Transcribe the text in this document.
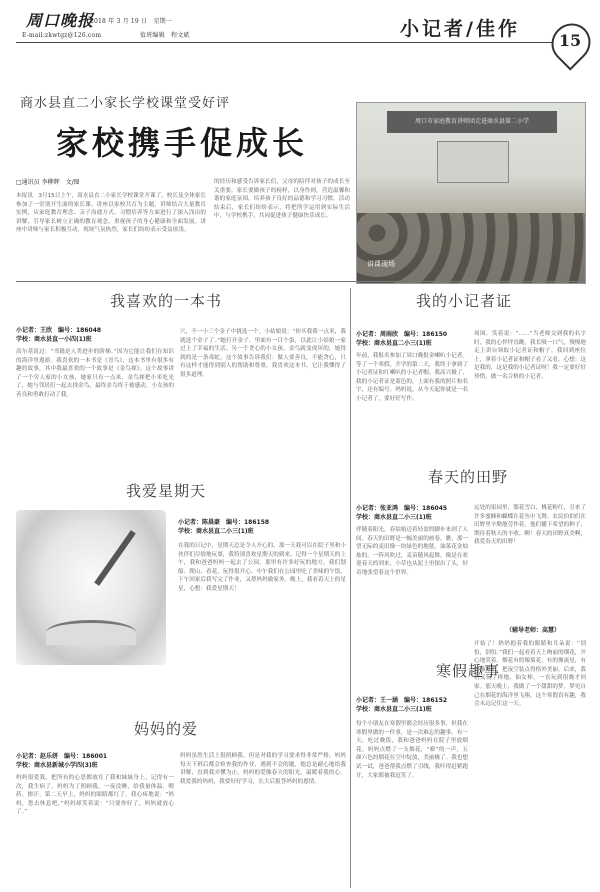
周口晚报
2018 年 3 月 19 日　星期一
E-mail:zkwtgz@126.com	值班编辑　程文斌	小记者/佳作
15
商水县直二小家长学校课堂受好评
家校携手促成长
□通讯员 李柳辉　文/图
本报讯　3月15日上午，商水县直二小家长学校课堂开课了，校长及全体家长参加了一堂别开生面的家长课。讲座以家校共育为主题，讲师结合大量教育实例，从家庭教育理念、亲子沟通方式、习惯培养等方面进行了深入浅出的讲解，引导家长树立正确的教育观念，重视孩子的身心健康和全面发展。讲座中讲师与家长积极互动，现场气氛热烈，家长们纷纷表示受益匪浅。
的经历和感受告诉家长们，父母的陪伴对孩子的成长至关重要。家长要做孩子的榜样，以身作则，营造温馨和谐的家庭氛围，培养孩子良好的品德和学习习惯。活动结束后，家长们纷纷表示，将把所学运用到实际生活中，与学校携手，共同促进孩子健康快乐成长。
周口市家庭教育讲师团走进商水县第二小学
讲课现场
我喜欢的一本书
小记者：王欣　编号：186048
学校：商水县直一小四(1)班
高尔基说过：“书籍是人类进步的阶梯。”因为它能让我们在知识的海洋里遨游。我喜欢的一本书是《青鸟》，这本书里有很多有趣的故事，其中我最喜欢的一个故事是《金鸟探》。这个故事讲了一个穷人家的小女孩，她家只有一点米，金鸟探把小米吃光了，她与邻居们一起去找金鸟，最终金鸟终于被感动，小女孩的善良和勇敢打动了我。
穴，不一小三个金子中挑选一个。小姑娘说：“你买我我一点米，我就选个金子了。”她打开金子，里面有一目个蛋，以此让小姑娘一家过上了幸福的生活。另一个贪心的小女孩，金鸟就变成坏的，她得到的是一条毒蛇。这个故事告诉我们：做人要善良，不能贪心，只有这样才能得到别人的帮助和尊重。我喜欢这本书，它让我懂得了很多道理。
我的小记者证
小记者：周雨欣　编号：186150
学校：商水县直二小三(1)班
年前，我报名参加了周口晚报金喇叭小记者。等了一个寒假，开学的第二天，我终于拿到了小记者证和红喇叭的小记者帽。我高兴极了，我的小记者证是蓝色的，上面有我的照片和名字，还有编号。妈妈说，从今天起你就是一名小记者了，要好好写作。
周围，笑着说：“……”当老师交到我的名字时，我的心怦怦直跳，我长吸一口气，慢慢地走上讲台领取小记者证和帽子。我回到座位上，拿着小记者证和帽子看了又看，心想：这是我的，这是我的小记者证呀！我一定要好好珍惜，做一名合格的小记者。
我爱星期天
小记者：陈晨豪　编号：186158
学校：商水县直二小三(1)班
在我的日记中，星期天总是令人开心的。那一天我可以在院子里和小伙伴们尽情地玩耍，我特别喜欢星期天的到来。记得一个星期天的上午，我和爸爸妈妈一起去了公园，那里有许多好玩的地方，我们划船、爬山、看花，玩得很开心。中午我们在公园里吃了美味的午饭，下午回家后我写完了作业，又帮妈妈做家务。晚上，我看着天上的星星，心想：我爱星期天！
春天的田野
小记者：张亚鸿　编号：186045
学校：商水县直二小三(1)班
伴随着阳光，春姑娘迈着轻盈的脚步来到了人间。春天的田野是一幅美丽的画卷。瞧，那一望无际的麦田像一块绿色的地毯，油菜花金灿灿的，一阵风吹过，麦苗随风起舞，像是在欢迎春天的到来。小草也从泥土里探出了头，好奇地张望着这个世界。
远处的果园里，梨花雪白，桃花粉红，引来了许多蜜蜂和蝴蝶在花丛中飞舞。农民伯伯们在田野里辛勤地劳作着，他们播下希望的种子，期待着秋天的丰收。啊！春天的田野真美啊，我爱春天的田野！
（辅导老师：高慧）
妈妈的爱
小记者：赵乐妍　编号：186001
学校：商水县新城小学四(3)班
妈妈很爱我，把所有的心思都放在了我和妹妹身上。记得有一次，我生病了，妈妈为了照顾我，一夜没睡，给我量体温、喂药、擦汗。第二天早上，妈妈的眼睛都红了，我心疼地说：“妈妈，您去休息吧。”妈妈却笑着说：“只要你好了，妈妈就放心了。”
妈妈虽然生活上很照顾我，但是对我的学习要求得非常严格。妈妈每天下班后都会检查我的作业，遇到不会的题，她总是耐心地给我讲解，直到我弄懂为止。妈妈的爱像春天的阳光，温暖着我的心。我爱我的妈妈，我要好好学习，长大后报答妈妈的恩情。
寒假趣事
小记者：王一涵　编号：186152
学校：商水县直二小三(1)班
每个小朋友在寒假里都会经历很多事，但我在寒假里做的一件事，是一次难忘的趣事。有一天，吃过晚饭，我和爸爸妈妈在院子里放烟花。妈妈点燃了一支烟花，“嘭”的一声，五颜六色的烟花在空中绽放，美丽极了。我也想试一试，爸爸帮我点燃了引线，我吓得赶紧跑开，大家都被我逗笑了。
开始了！奶奶抱着我的眼睛和耳朵说：“别怕，别怕。”我们一起看着天上绚丽的烟花，开心地笑着。烟花有的像菊花，有的像流星，有的像瀑布，把夜空装点得格外美丽。后来，我们又玩了摔炮、仙女棒，一直玩到很晚才回家。那天晚上，我做了一个甜甜的梦，梦见自己在烟花的海洋里飞翔。这个寒假真有趣，我会永远记住这一天。
